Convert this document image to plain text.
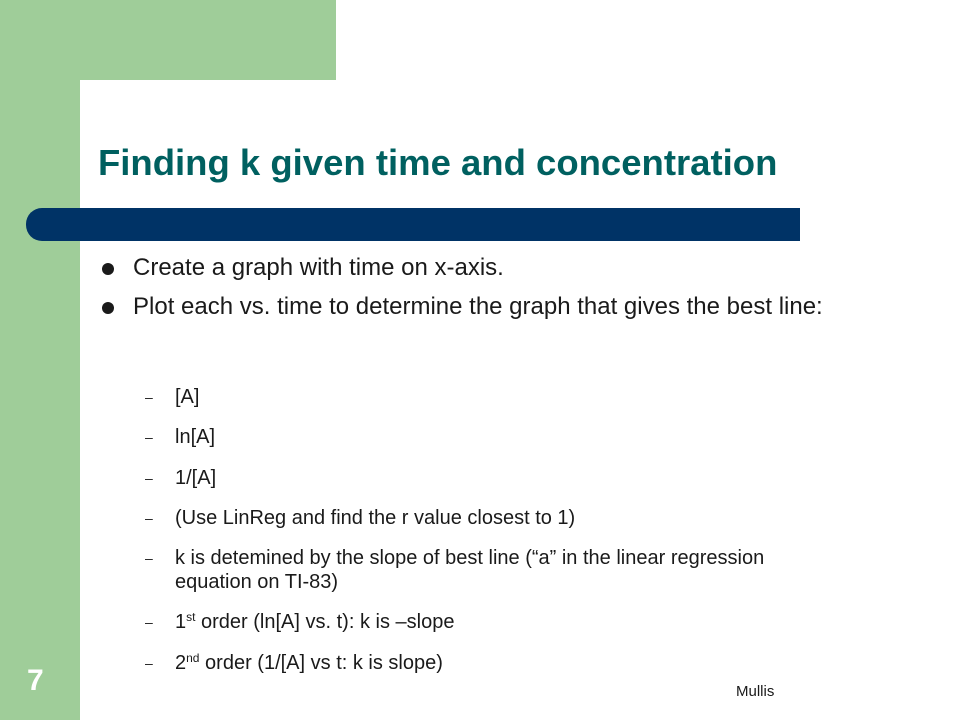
Finding k given time and concentration
Create a graph with time on x-axis.
Plot each vs. time to determine the graph that gives the best line:
– [A]
– ln[A]
– 1/[A]
– (Use LinReg and find the r value closest to 1)
– k is detemined by the slope of best line (“a” in the linear regression equation on TI-83)
– 1st order (ln[A] vs. t): k is –slope
– 2nd order (1/[A] vs t: k is slope)
7	Mullis
